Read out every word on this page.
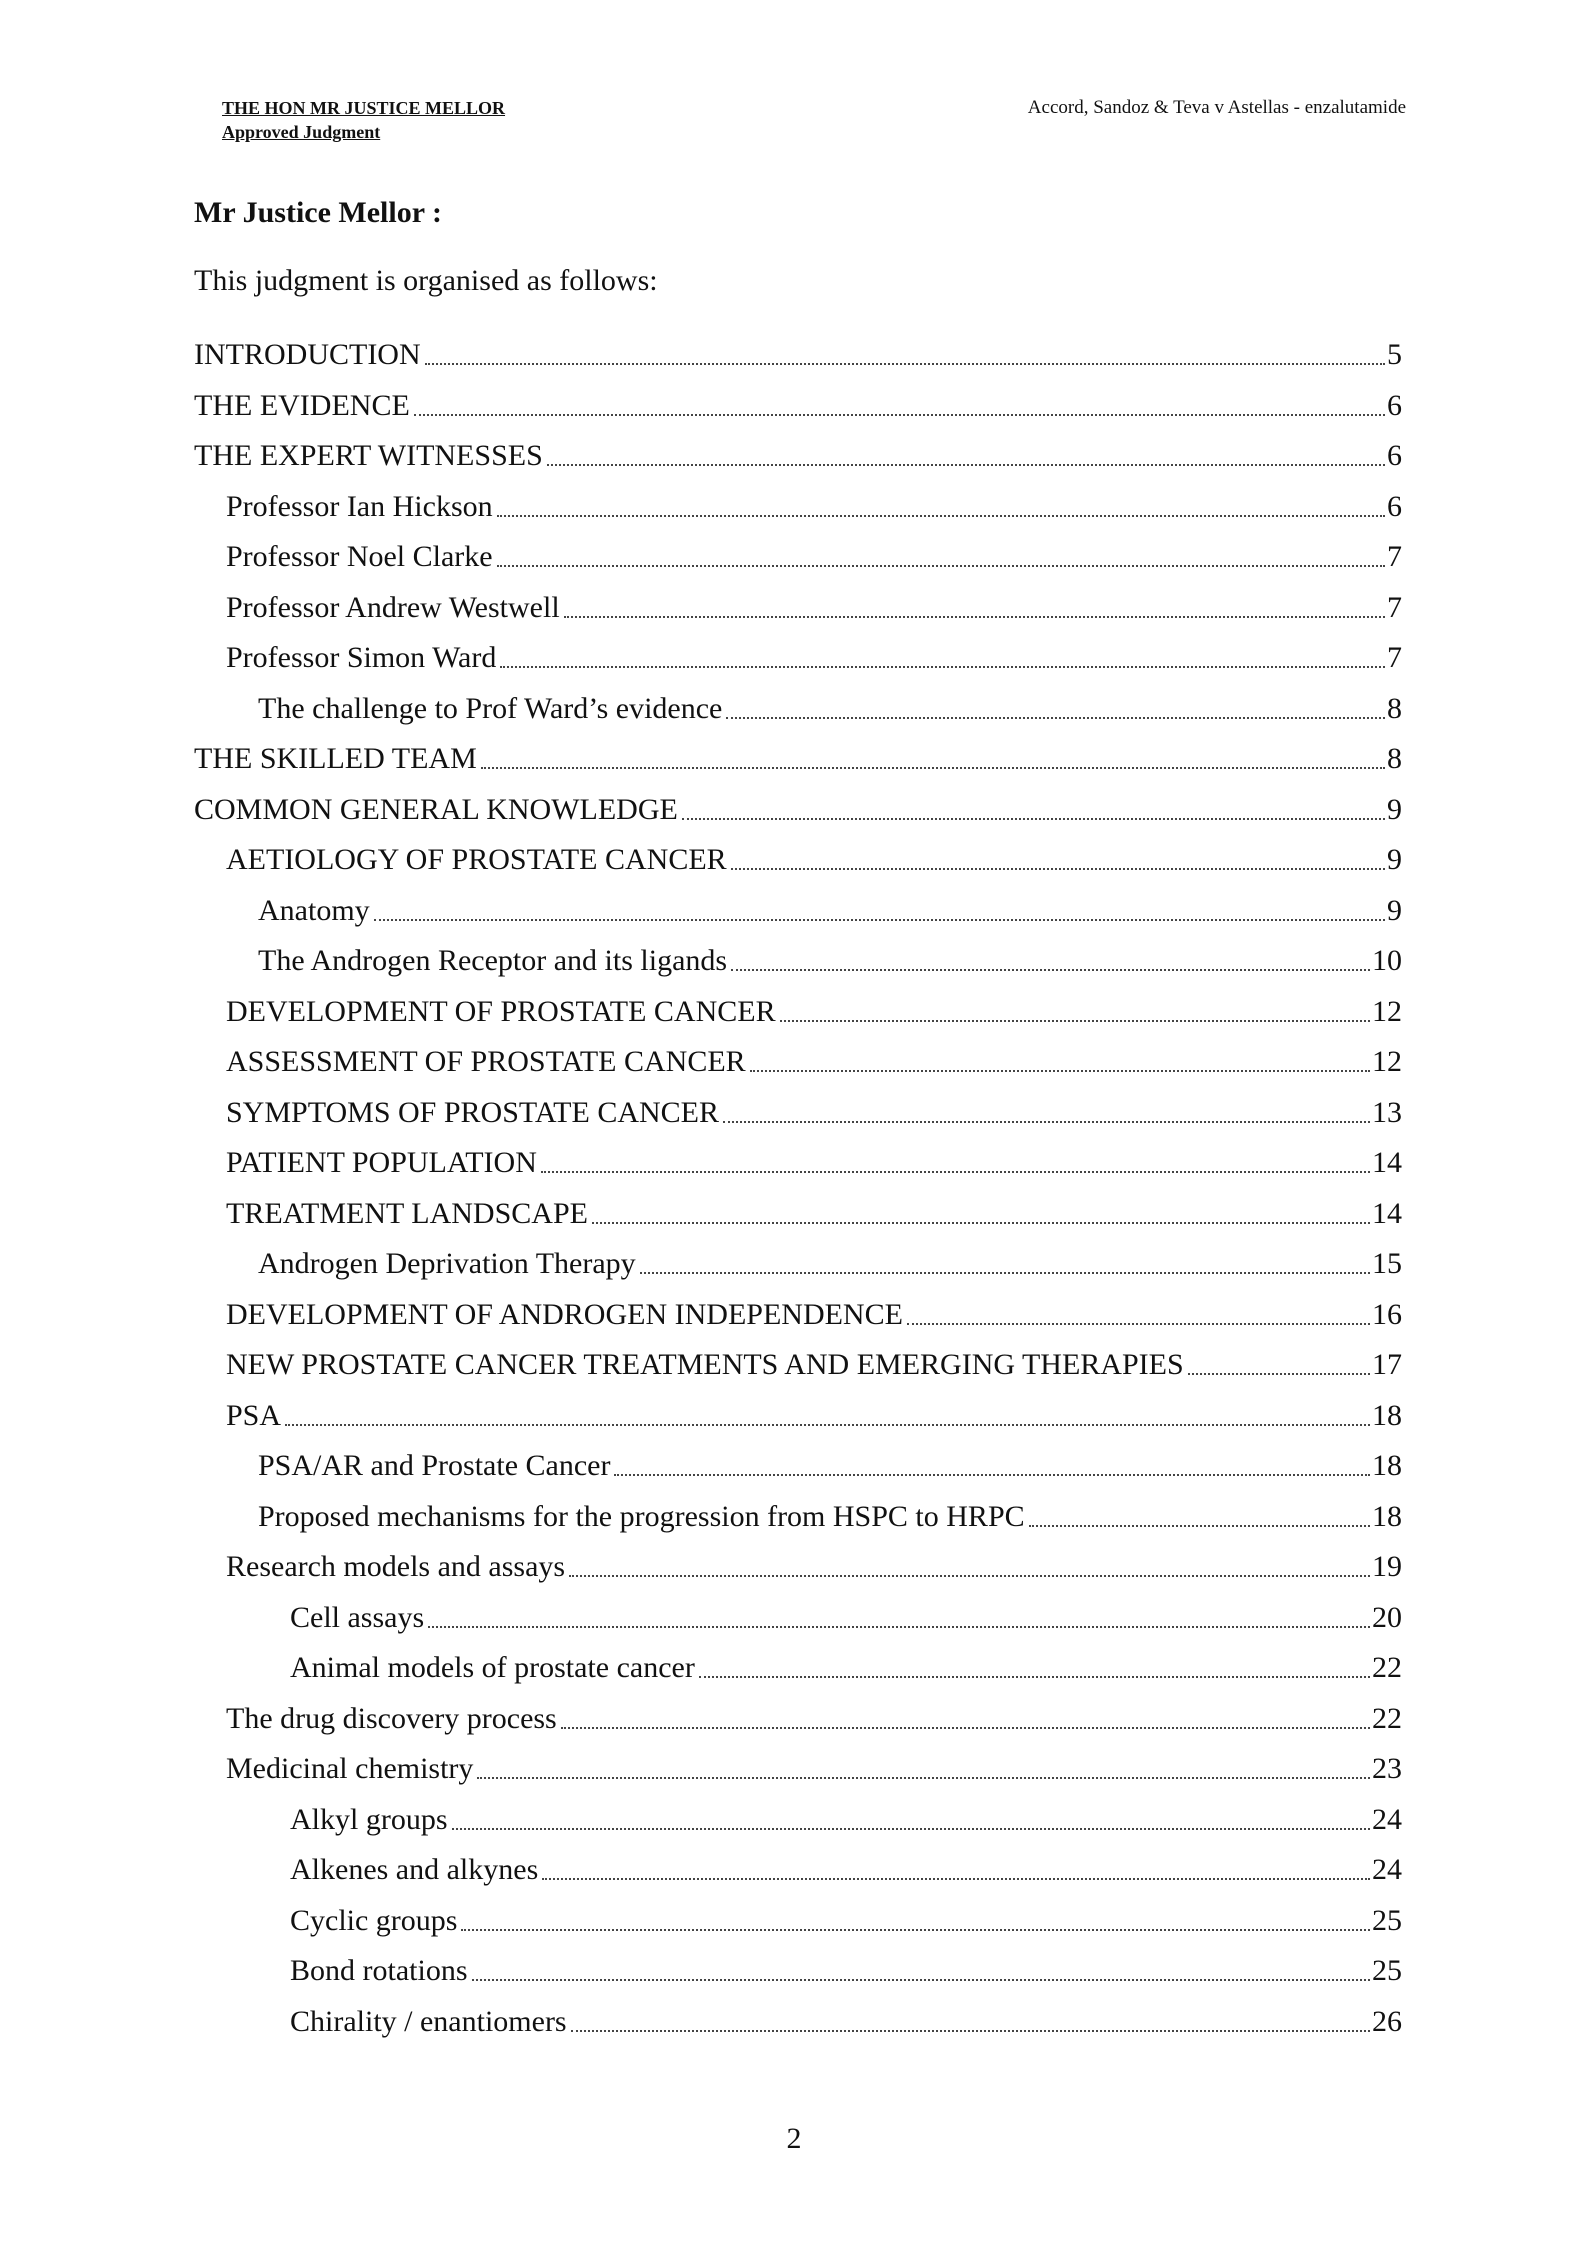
THE HON MR JUSTICE MELLOR
Approved Judgment
Accord, Sandoz & Teva v Astellas - enzalutamide
Mr Justice Mellor :
This judgment is organised as follows:
INTRODUCTION	5
THE EVIDENCE	6
THE EXPERT WITNESSES	6
Professor Ian Hickson	6
Professor Noel Clarke	7
Professor Andrew Westwell	7
Professor Simon Ward	7
The challenge to Prof Ward’s evidence	8
THE SKILLED TEAM	8
COMMON GENERAL KNOWLEDGE	9
AETIOLOGY OF PROSTATE CANCER	9
Anatomy	9
The Androgen Receptor and its ligands	10
DEVELOPMENT OF PROSTATE CANCER	12
ASSESSMENT OF PROSTATE CANCER	12
SYMPTOMS OF PROSTATE CANCER	13
PATIENT POPULATION	14
TREATMENT LANDSCAPE	14
Androgen Deprivation Therapy	15
DEVELOPMENT OF ANDROGEN INDEPENDENCE	16
NEW PROSTATE CANCER TREATMENTS AND EMERGING THERAPIES	17
PSA	18
PSA/AR and Prostate Cancer	18
Proposed mechanisms for the progression from HSPC to HRPC	18
Research models and assays	19
Cell assays	20
Animal models of prostate cancer	22
The drug discovery process	22
Medicinal chemistry	23
Alkyl groups	24
Alkenes and alkynes	24
Cyclic groups	25
Bond rotations	25
Chirality / enantiomers	26
2
